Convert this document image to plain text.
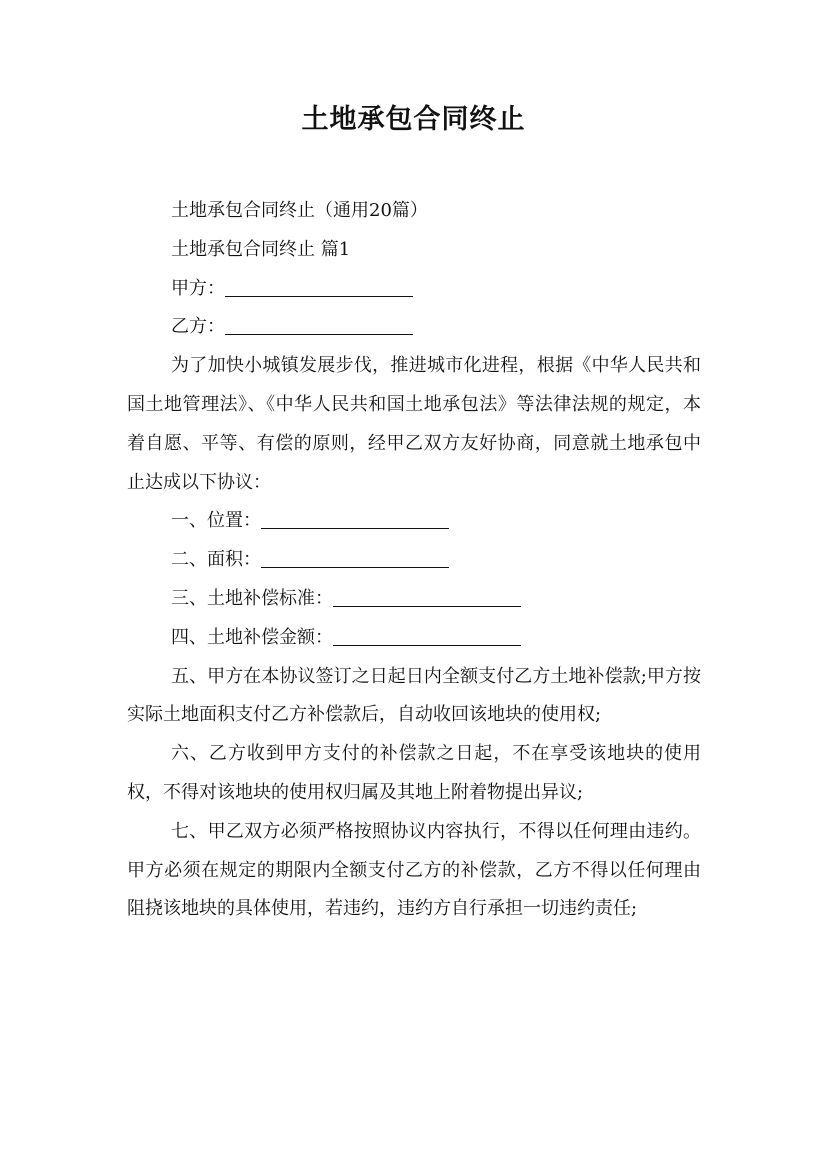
土地承包合同终止

土地承包合同终止（通用20篇）

土地承包合同终止 篇1

甲方：

乙方：

为了加快小城镇发展步伐，推进城市化进程，根据《中华人民共和国土地管理法》、《中华人民共和国土地承包法》等法律法规的规定，本着自愿、平等、有偿的原则，经甲乙双方友好协商，同意就土地承包中止达成以下协议：

一、位置：

二、面积：

三、土地补偿标准：

四、土地补偿金额：

五、甲方在本协议签订之日起日内全额支付乙方土地补偿款;甲方按实际土地面积支付乙方补偿款后，自动收回该地块的使用权;

六、乙方收到甲方支付的补偿款之日起，不在享受该地块的使用权，不得对该地块的使用权归属及其地上附着物提出异议;

七、甲乙双方必须严格按照协议内容执行，不得以任何理由违约。甲方必须在规定的期限内全额支付乙方的补偿款，乙方不得以任何理由阻挠该地块的具体使用，若违约，违约方自行承担一切违约责任;
